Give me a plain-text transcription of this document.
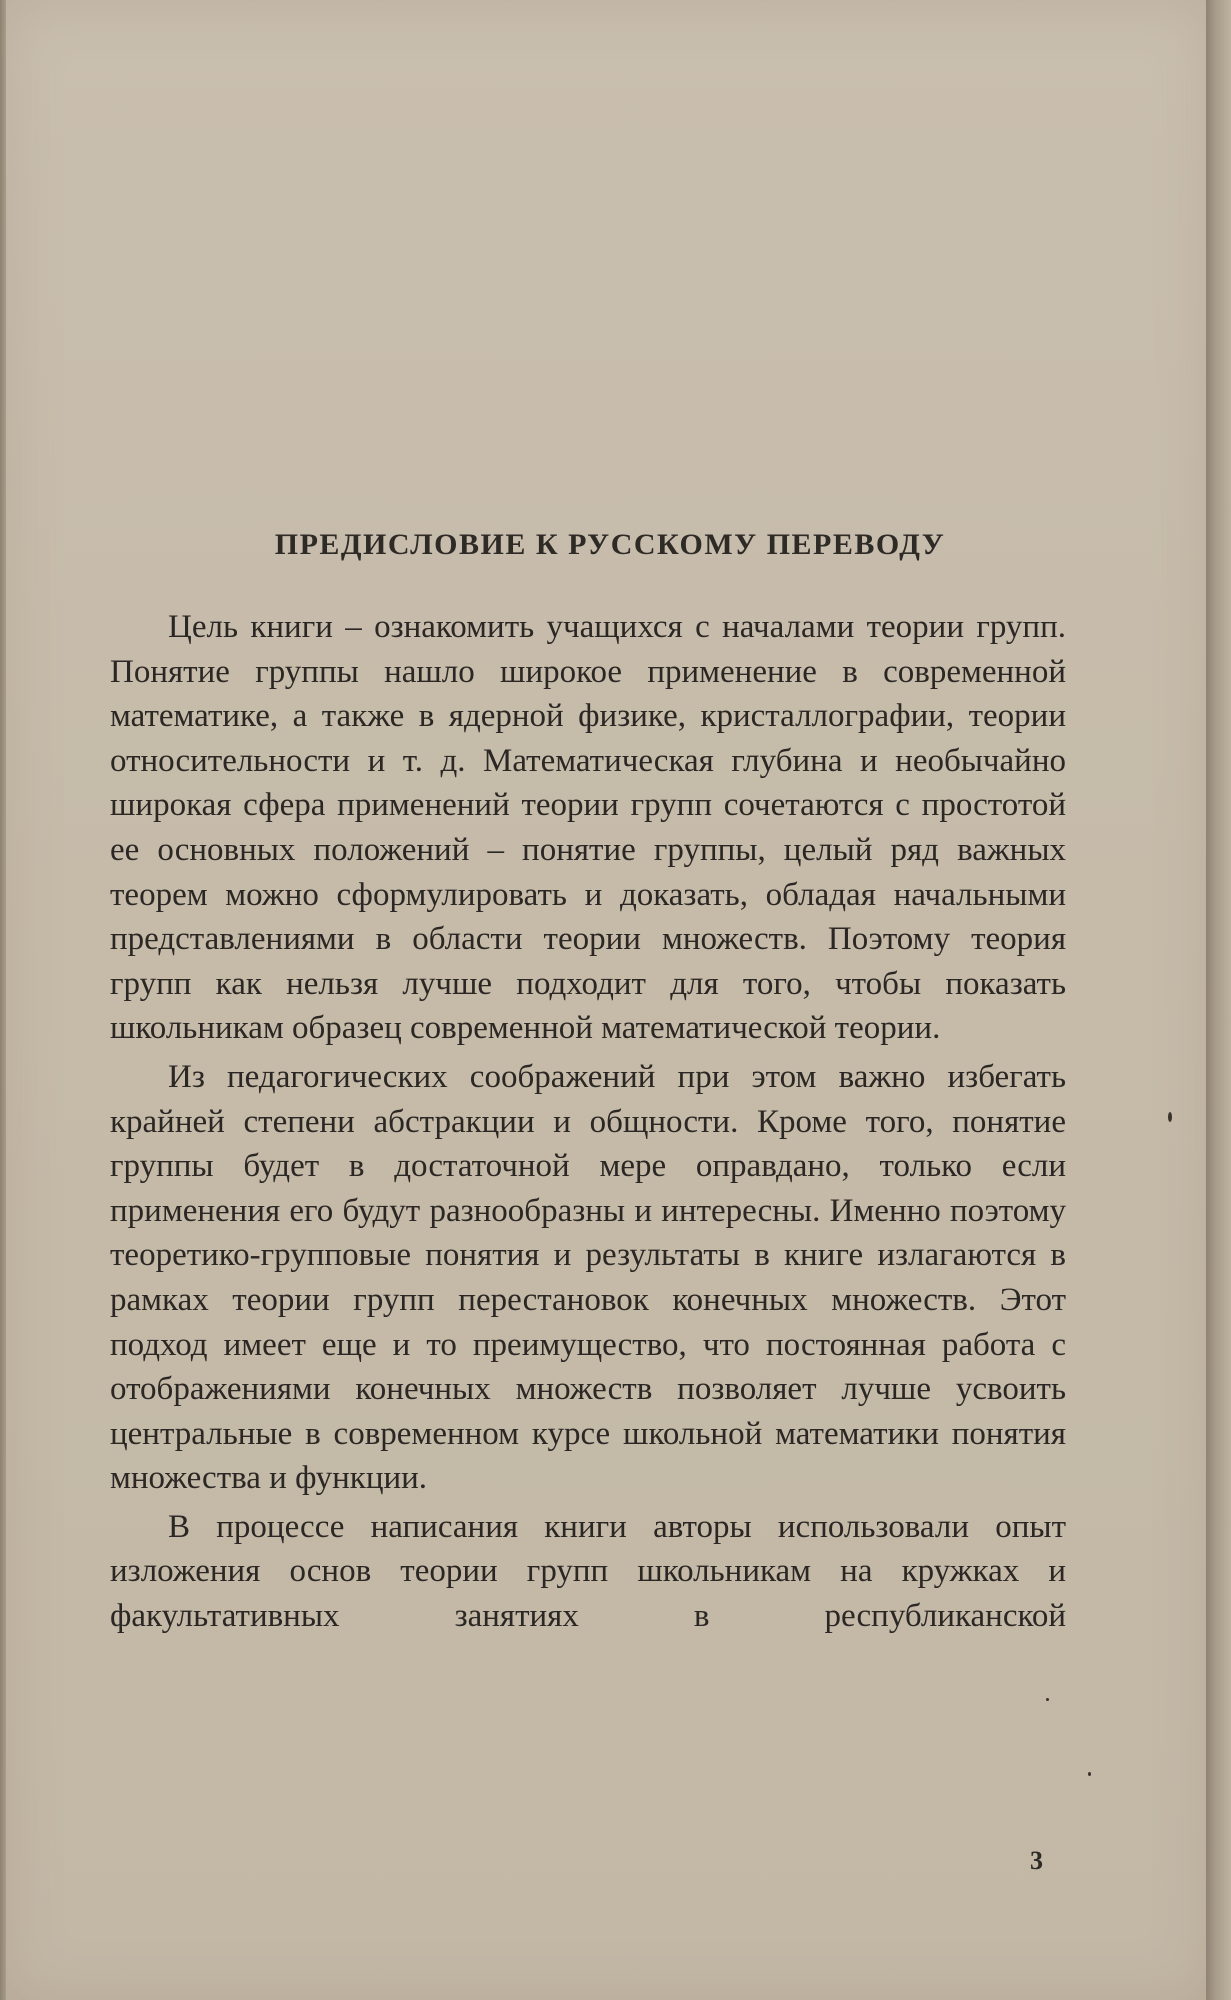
ПРЕДИСЛОВИЕ К РУССКОМУ ПЕРЕВОДУ

Цель книги – ознакомить учащихся с началами теории групп. Понятие группы нашло широкое применение в современной математике, а также в ядерной физике, кристаллографии, теории относительности и т. д. Математическая глубина и необычайно широкая сфера применений теории групп сочетаются с простотой ее основных положений – понятие группы, целый ряд важных теорем можно сформулировать и доказать, обладая начальными представлениями в области теории множеств. Поэтому теория групп как нельзя лучше подходит для того, чтобы показать школьникам образец современной математической теории.

Из педагогических соображений при этом важно избегать крайней степени абстракции и общности. Кроме того, понятие группы будет в достаточной мере оправдано, только если применения его будут разнообразны и интересны. Именно поэтому теоретико-групповые понятия и результаты в книге излагаются в рамках теории групп перестановок конечных множеств. Этот подход имеет еще и то преимущество, что постоянная работа с отображениями конечных множеств позволяет лучше усвоить центральные в современном курсе школьной математики понятия множества и функции.

В процессе написания книги авторы использовали опыт изложения основ теории групп школьникам на кружках и факультативных занятиях в республиканской

3
